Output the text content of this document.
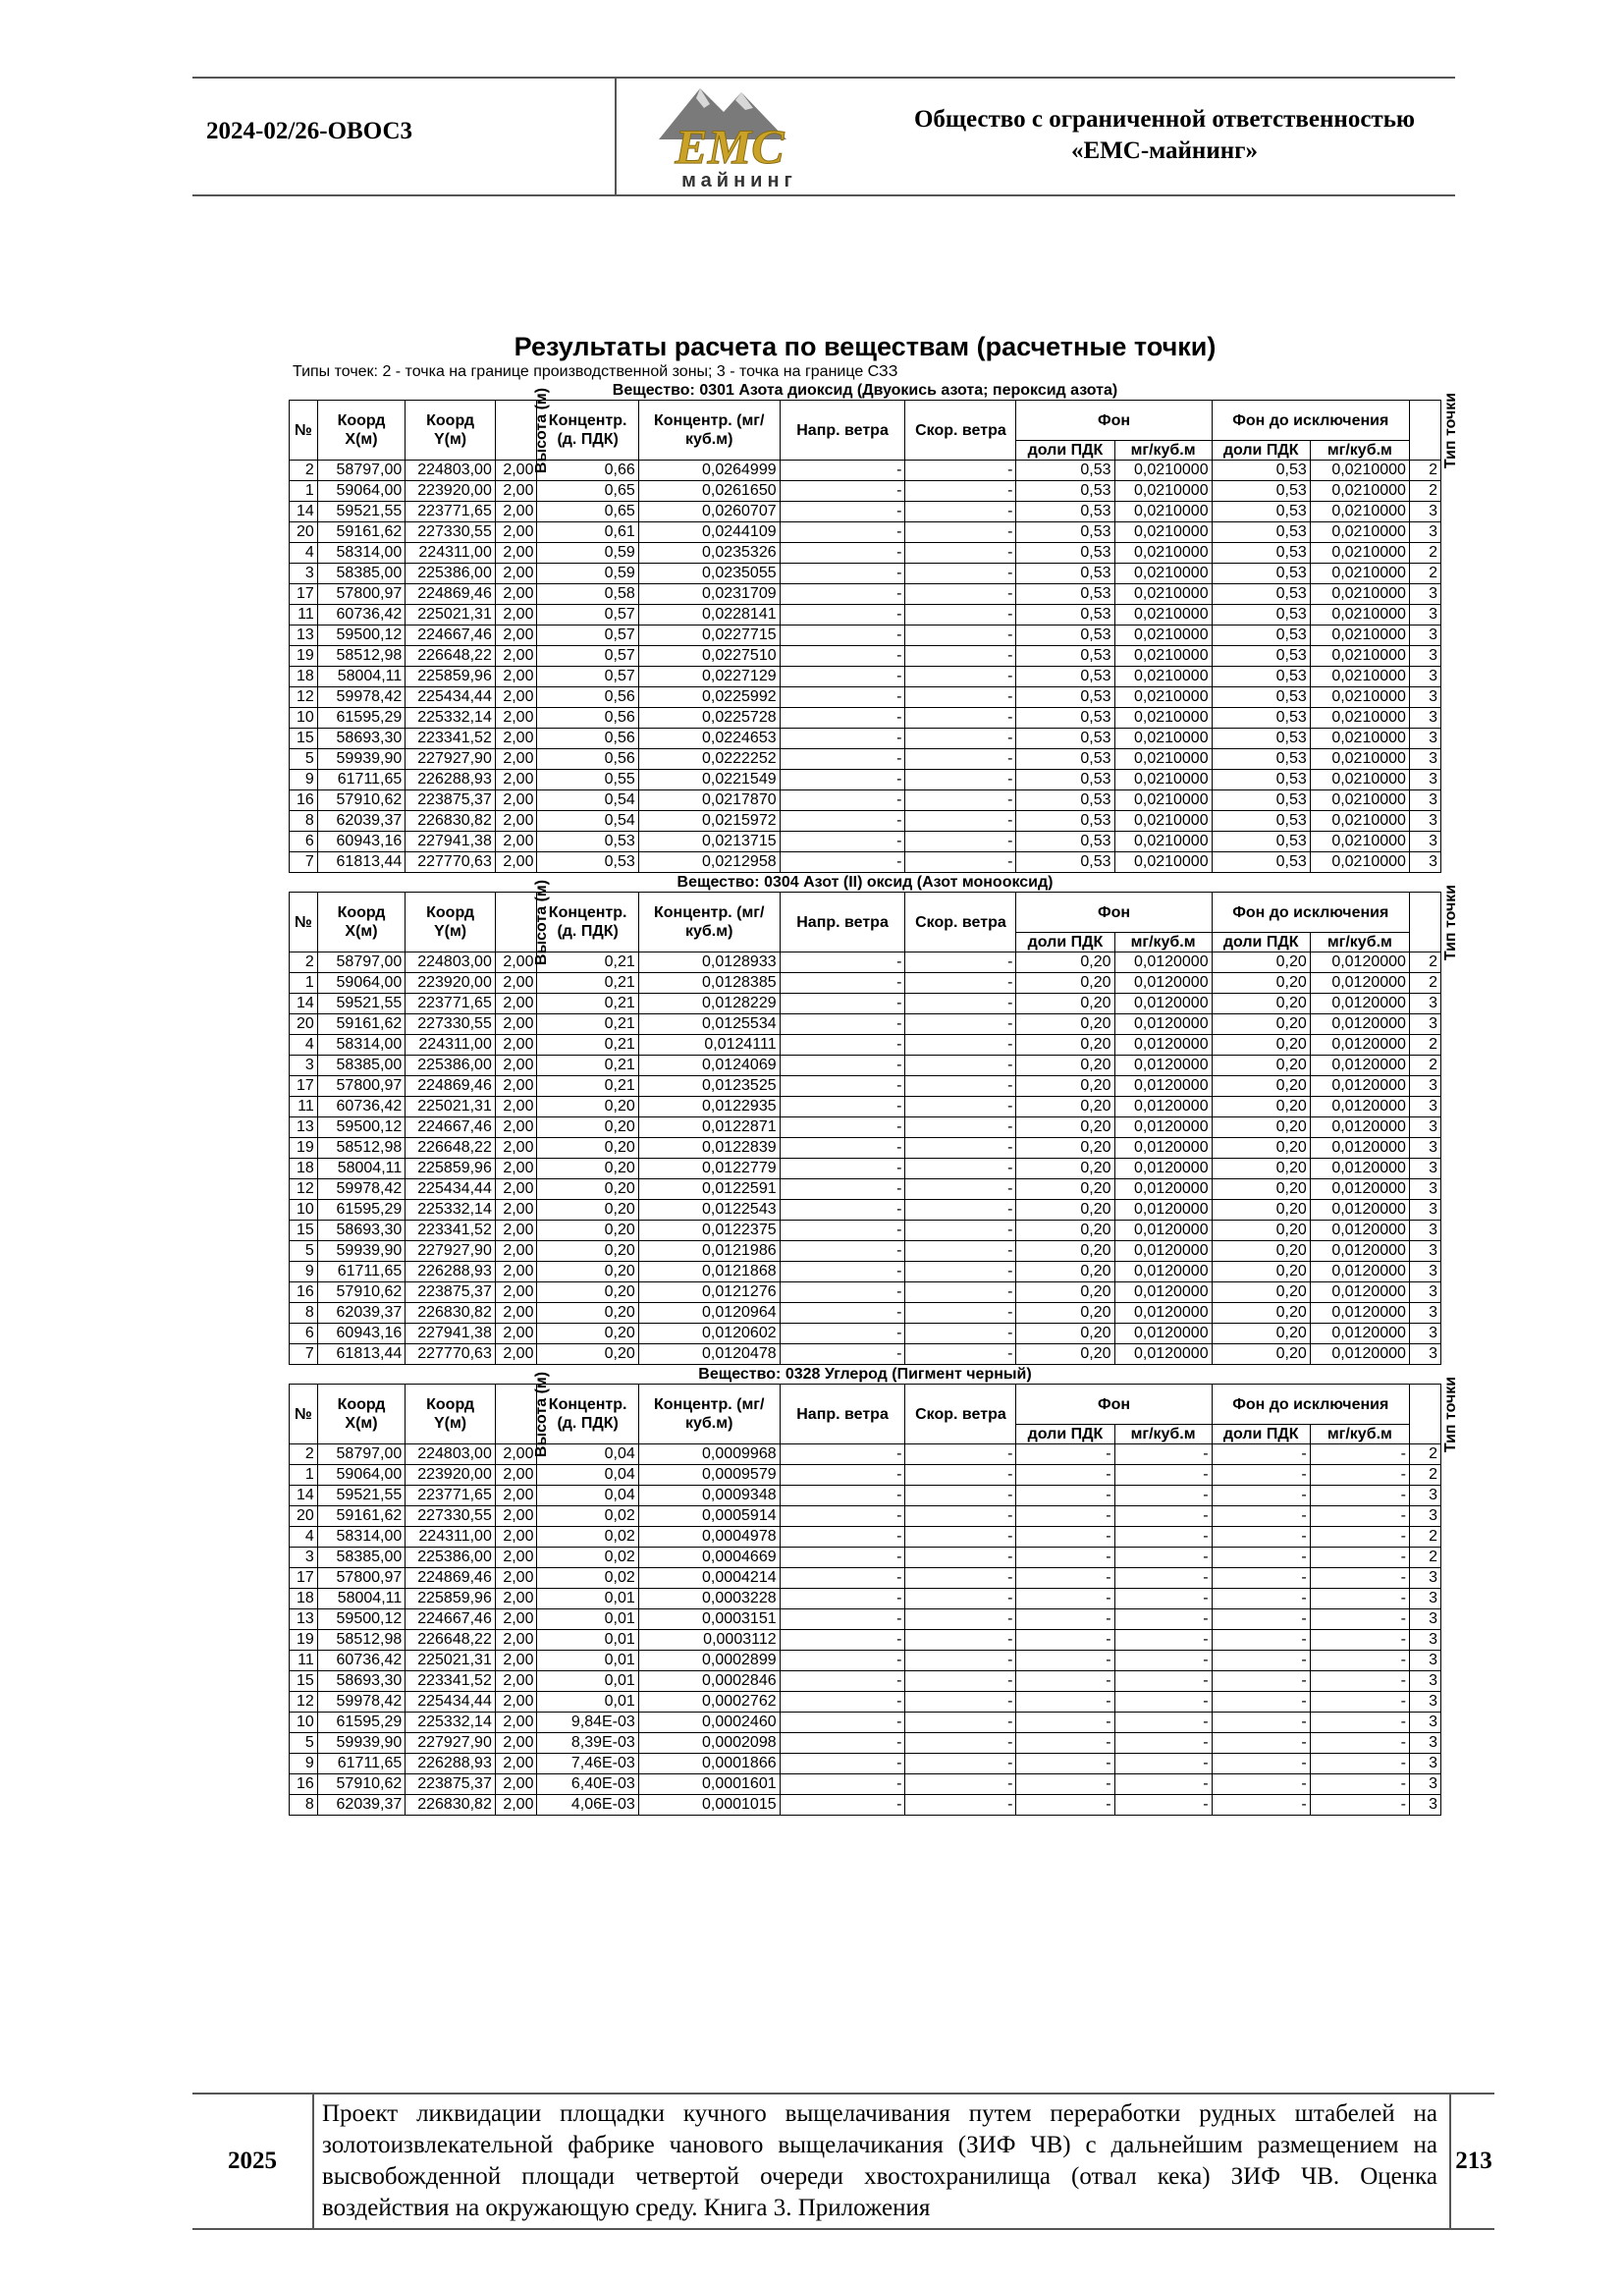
2024-02/26-ОВОС3	ЕМС
майнинг
Общество с ограниченной ответственностью
«ЕМС-майнинг»
Результаты расчета по веществам (расчетные точки)
Типы точек: 2 - точка на границе производственной зоны; 3 - точка на границе СЗЗ
Вещество: 0301 Азота диоксид (Двуокись азота; пероксид азота)
№	Коорд X(м)	Коорд Y(м)	Высота (м)	Концентр. (д. ПДК)	Концентр. (мг/куб.м)	Напр. ветра	Скор. ветра	Фон		Фон до исключения		Тип точки
								доли ПДК	мг/куб.м	доли ПДК	мг/куб.м	
2	58797,00	224803,00	2,00	0,66	0,0264999	-	-	0,53	0,0210000	0,53	0,0210000	2
1	59064,00	223920,00	2,00	0,65	0,0261650	-	-	0,53	0,0210000	0,53	0,0210000	2
14	59521,55	223771,65	2,00	0,65	0,0260707	-	-	0,53	0,0210000	0,53	0,0210000	3
20	59161,62	227330,55	2,00	0,61	0,0244109	-	-	0,53	0,0210000	0,53	0,0210000	3
4	58314,00	224311,00	2,00	0,59	0,0235326	-	-	0,53	0,0210000	0,53	0,0210000	2
3	58385,00	225386,00	2,00	0,59	0,0235055	-	-	0,53	0,0210000	0,53	0,0210000	2
17	57800,97	224869,46	2,00	0,58	0,0231709	-	-	0,53	0,0210000	0,53	0,0210000	3
11	60736,42	225021,31	2,00	0,57	0,0228141	-	-	0,53	0,0210000	0,53	0,0210000	3
13	59500,12	224667,46	2,00	0,57	0,0227715	-	-	0,53	0,0210000	0,53	0,0210000	3
19	58512,98	226648,22	2,00	0,57	0,0227510	-	-	0,53	0,0210000	0,53	0,0210000	3
18	58004,11	225859,96	2,00	0,57	0,0227129	-	-	0,53	0,0210000	0,53	0,0210000	3
12	59978,42	225434,44	2,00	0,56	0,0225992	-	-	0,53	0,0210000	0,53	0,0210000	3
10	61595,29	225332,14	2,00	0,56	0,0225728	-	-	0,53	0,0210000	0,53	0,0210000	3
15	58693,30	223341,52	2,00	0,56	0,0224653	-	-	0,53	0,0210000	0,53	0,0210000	3
5	59939,90	227927,90	2,00	0,56	0,0222252	-	-	0,53	0,0210000	0,53	0,0210000	3
9	61711,65	226288,93	2,00	0,55	0,0221549	-	-	0,53	0,0210000	0,53	0,0210000	3
16	57910,62	223875,37	2,00	0,54	0,0217870	-	-	0,53	0,0210000	0,53	0,0210000	3
8	62039,37	226830,82	2,00	0,54	0,0215972	-	-	0,53	0,0210000	0,53	0,0210000	3
6	60943,16	227941,38	2,00	0,53	0,0213715	-	-	0,53	0,0210000	0,53	0,0210000	3
7	61813,44	227770,63	2,00	0,53	0,0212958	-	-	0,53	0,0210000	0,53	0,0210000	3
Вещество: 0304 Азот (II) оксид (Азот монооксид)
№	Коорд X(м)	Коорд Y(м)	Высота (м)	Концентр. (д. ПДК)	Концентр. (мг/куб.м)	Напр. ветра	Скор. ветра	Фон		Фон до исключения		Тип точки
								доли ПДК	мг/куб.м	доли ПДК	мг/куб.м	
2	58797,00	224803,00	2,00	0,21	0,0128933	-	-	0,20	0,0120000	0,20	0,0120000	2
1	59064,00	223920,00	2,00	0,21	0,0128385	-	-	0,20	0,0120000	0,20	0,0120000	2
14	59521,55	223771,65	2,00	0,21	0,0128229	-	-	0,20	0,0120000	0,20	0,0120000	3
20	59161,62	227330,55	2,00	0,21	0,0125534	-	-	0,20	0,0120000	0,20	0,0120000	3
4	58314,00	224311,00	2,00	0,21	0,0124111	-	-	0,20	0,0120000	0,20	0,0120000	2
3	58385,00	225386,00	2,00	0,21	0,0124069	-	-	0,20	0,0120000	0,20	0,0120000	2
17	57800,97	224869,46	2,00	0,21	0,0123525	-	-	0,20	0,0120000	0,20	0,0120000	3
11	60736,42	225021,31	2,00	0,20	0,0122935	-	-	0,20	0,0120000	0,20	0,0120000	3
13	59500,12	224667,46	2,00	0,20	0,0122871	-	-	0,20	0,0120000	0,20	0,0120000	3
19	58512,98	226648,22	2,00	0,20	0,0122839	-	-	0,20	0,0120000	0,20	0,0120000	3
18	58004,11	225859,96	2,00	0,20	0,0122779	-	-	0,20	0,0120000	0,20	0,0120000	3
12	59978,42	225434,44	2,00	0,20	0,0122591	-	-	0,20	0,0120000	0,20	0,0120000	3
10	61595,29	225332,14	2,00	0,20	0,0122543	-	-	0,20	0,0120000	0,20	0,0120000	3
15	58693,30	223341,52	2,00	0,20	0,0122375	-	-	0,20	0,0120000	0,20	0,0120000	3
5	59939,90	227927,90	2,00	0,20	0,0121986	-	-	0,20	0,0120000	0,20	0,0120000	3
9	61711,65	226288,93	2,00	0,20	0,0121868	-	-	0,20	0,0120000	0,20	0,0120000	3
16	57910,62	223875,37	2,00	0,20	0,0121276	-	-	0,20	0,0120000	0,20	0,0120000	3
8	62039,37	226830,82	2,00	0,20	0,0120964	-	-	0,20	0,0120000	0,20	0,0120000	3
6	60943,16	227941,38	2,00	0,20	0,0120602	-	-	0,20	0,0120000	0,20	0,0120000	3
7	61813,44	227770,63	2,00	0,20	0,0120478	-	-	0,20	0,0120000	0,20	0,0120000	3
Вещество: 0328 Углерод (Пигмент черный)
№	Коорд X(м)	Коорд Y(м)	Высота (м)	Концентр. (д. ПДК)	Концентр. (мг/куб.м)	Напр. ветра	Скор. ветра	Фон		Фон до исключения		Тип точки
								доли ПДК	мг/куб.м	доли ПДК	мг/куб.м	
2	58797,00	224803,00	2,00	0,04	0,0009968	-	-	-	-	-	-	2
1	59064,00	223920,00	2,00	0,04	0,0009579	-	-	-	-	-	-	2
14	59521,55	223771,65	2,00	0,04	0,0009348	-	-	-	-	-	-	3
20	59161,62	227330,55	2,00	0,02	0,0005914	-	-	-	-	-	-	3
4	58314,00	224311,00	2,00	0,02	0,0004978	-	-	-	-	-	-	2
3	58385,00	225386,00	2,00	0,02	0,0004669	-	-	-	-	-	-	2
17	57800,97	224869,46	2,00	0,02	0,0004214	-	-	-	-	-	-	3
18	58004,11	225859,96	2,00	0,01	0,0003228	-	-	-	-	-	-	3
13	59500,12	224667,46	2,00	0,01	0,0003151	-	-	-	-	-	-	3
19	58512,98	226648,22	2,00	0,01	0,0003112	-	-	-	-	-	-	3
11	60736,42	225021,31	2,00	0,01	0,0002899	-	-	-	-	-	-	3
15	58693,30	223341,52	2,00	0,01	0,0002846	-	-	-	-	-	-	3
12	59978,42	225434,44	2,00	0,01	0,0002762	-	-	-	-	-	-	3
10	61595,29	225332,14	2,00	9,84E-03	0,0002460	-	-	-	-	-	-	3
5	59939,90	227927,90	2,00	8,39E-03	0,0002098	-	-	-	-	-	-	3
9	61711,65	226288,93	2,00	7,46E-03	0,0001866	-	-	-	-	-	-	3
16	57910,62	223875,37	2,00	6,40E-03	0,0001601	-	-	-	-	-	-	3
8	62039,37	226830,82	2,00	4,06E-03	0,0001015	-	-	-	-	-	-	3
2025
Проект ликвидации площадки кучного выщелачивания путем переработки рудных штабелей на золотоизвлекательной фабрике чанового выщелачикания (ЗИФ ЧВ) с дальнейшим размещением на высвобожденной площади четвертой очереди хвостохранилища (отвал кека) ЗИФ ЧВ. Оценка воздействия на окружающую среду. Книга 3. Приложения
213
